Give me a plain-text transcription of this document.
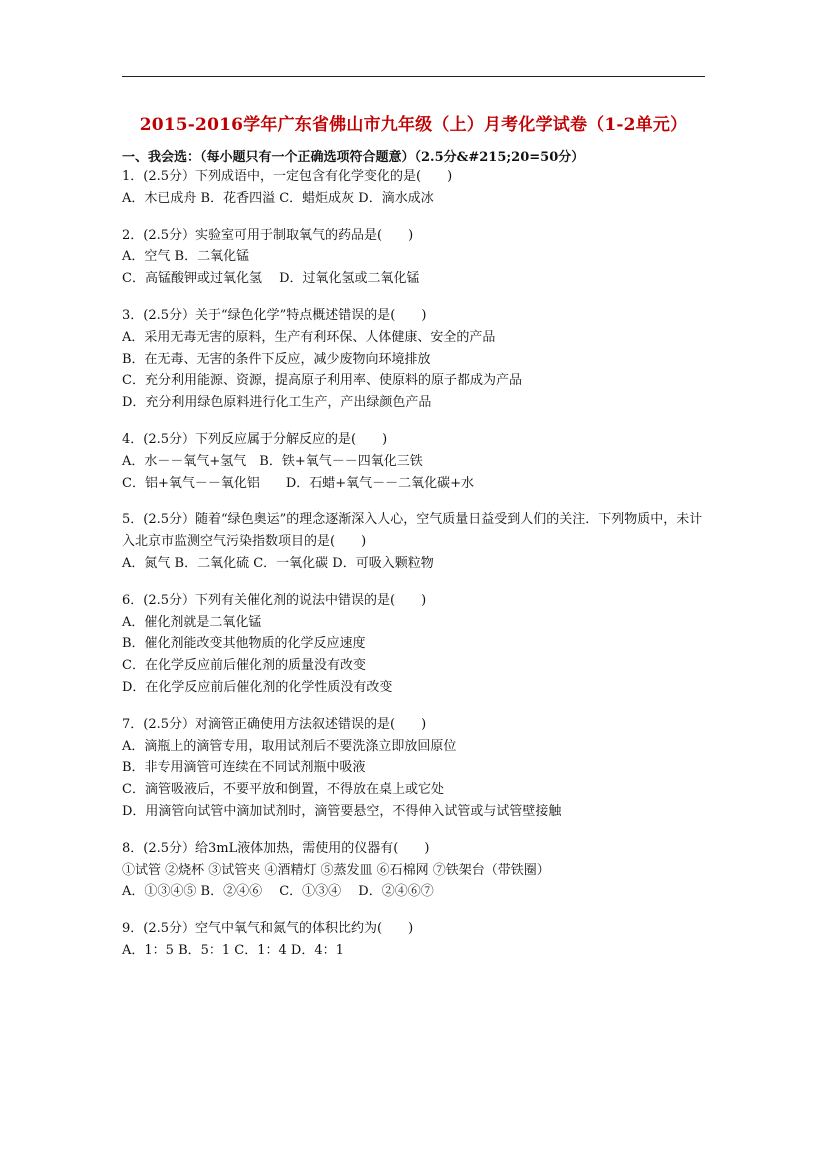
2015-2016学年广东省佛山市九年级（上）月考化学试卷（1-2单元）
一、我会选：（每小题只有一个正确选项符合题意）（2.5分&#215;20=50分）
1．(2.5分）下列成语中，一定包含有化学变化的是(　　)
A．木已成舟 B．花香四溢 C．蜡炬成灰 D．滴水成冰
2．(2.5分）实验室可用于制取氧气的药品是(　　)
A．空气 B．二氧化锰
C．高锰酸钾或过氧化氢　 D．过氧化氢或二氧化锰
3．(2.5分）关于“绿色化学”特点概述错误的是(　　)
A．采用无毒无害的原料，生产有利环保、人体健康、安全的产品
B．在无毒、无害的条件下反应，减少废物向环境排放
C．充分利用能源、资源，提高原子利用率、使原料的原子都成为产品
D．充分利用绿色原料进行化工生产，产出绿颜色产品
4．(2.5分）下列反应属于分解反应的是(　　)
A．水－－氧气+氢气　B．铁+氧气－－四氧化三铁
C．铝+氧气－－氧化铝　　D．石蜡+氧气－－二氧化碳+水
5．(2.5分）随着“绿色奥运”的理念逐渐深入人心，空气质量日益受到人们的关注．下列物质中，未计入北京市监测空气污染指数项目的是(　　)
A．氮气 B．二氧化硫 C．一氧化碳 D．可吸入颗粒物
6．(2.5分）下列有关催化剂的说法中错误的是(　　)
A．催化剂就是二氧化锰
B．催化剂能改变其他物质的化学反应速度
C．在化学反应前后催化剂的质量没有改变
D．在化学反应前后催化剂的化学性质没有改变
7．(2.5分）对滴管正确使用方法叙述错误的是(　　)
A．滴瓶上的滴管专用，取用试剂后不要洗涤立即放回原位
B．非专用滴管可连续在不同试剂瓶中吸液
C．滴管吸液后，不要平放和倒置，不得放在桌上或它处
D．用滴管向试管中滴加试剂时，滴管要悬空，不得伸入试管或与试管壁接触
8．(2.5分）给3mL液体加热，需使用的仪器有(　　)
①试管 ②烧杯 ③试管夹 ④酒精灯 ⑤蒸发皿 ⑥石棉网 ⑦铁架台（带铁圈）
A．①③④⑤ B．②④⑥　 C．①③④　 D．②④⑥⑦
9．(2.5分）空气中氧气和氮气的体积比约为(　　)
A．1：5 B．5：1 C．1：4 D．4：1
